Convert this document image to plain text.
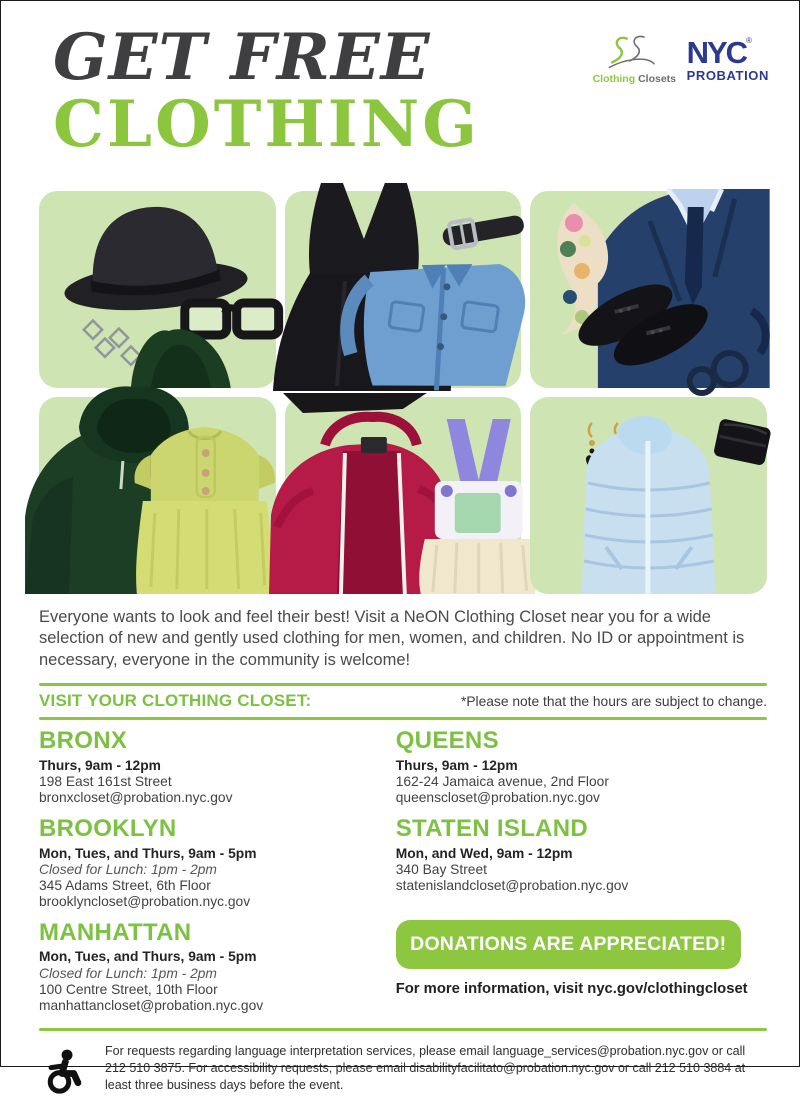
GET FREE
CLOTHING
Clothing Closets
NYC®
PROBATION

Everyone wants to look and feel their best! Visit a NeON Clothing Closet near you for a wide selection of new and gently used clothing for men, women, and children. No ID or appointment is necessary, everyone in the community is welcome!

VISIT YOUR CLOTHING CLOSET:	*Please note that the hours are subject to change.
BRONX
Thurs, 9am - 12pm
198 East 161st Street
bronxcloset@probation.nyc.gov
BROOKLYN
Mon, Tues, and Thurs, 9am - 5pm
Closed for Lunch: 1pm - 2pm
345 Adams Street, 6th Floor
brooklyncloset@probation.nyc.gov
MANHATTAN
Mon, Tues, and Thurs, 9am - 5pm
Closed for Lunch: 1pm - 2pm
100 Centre Street, 10th Floor
manhattancloset@probation.nyc.gov
QUEENS
Thurs, 9am - 12pm
162-24 Jamaica avenue, 2nd Floor
queenscloset@probation.nyc.gov
STATEN ISLAND
Mon, and Wed, 9am - 12pm
340 Bay Street
statenislandcloset@probation.nyc.gov
DONATIONS ARE APPRECIATED!
For more information, visit nyc.gov/clothingcloset

For requests regarding language interpretation services, please email language_services@probation.nyc.gov or call 212 510 3875. For accessibility requests, please email disabilityfacilitato@probation.nyc.gov or call 212 510 3884 at least three business days before the event.
